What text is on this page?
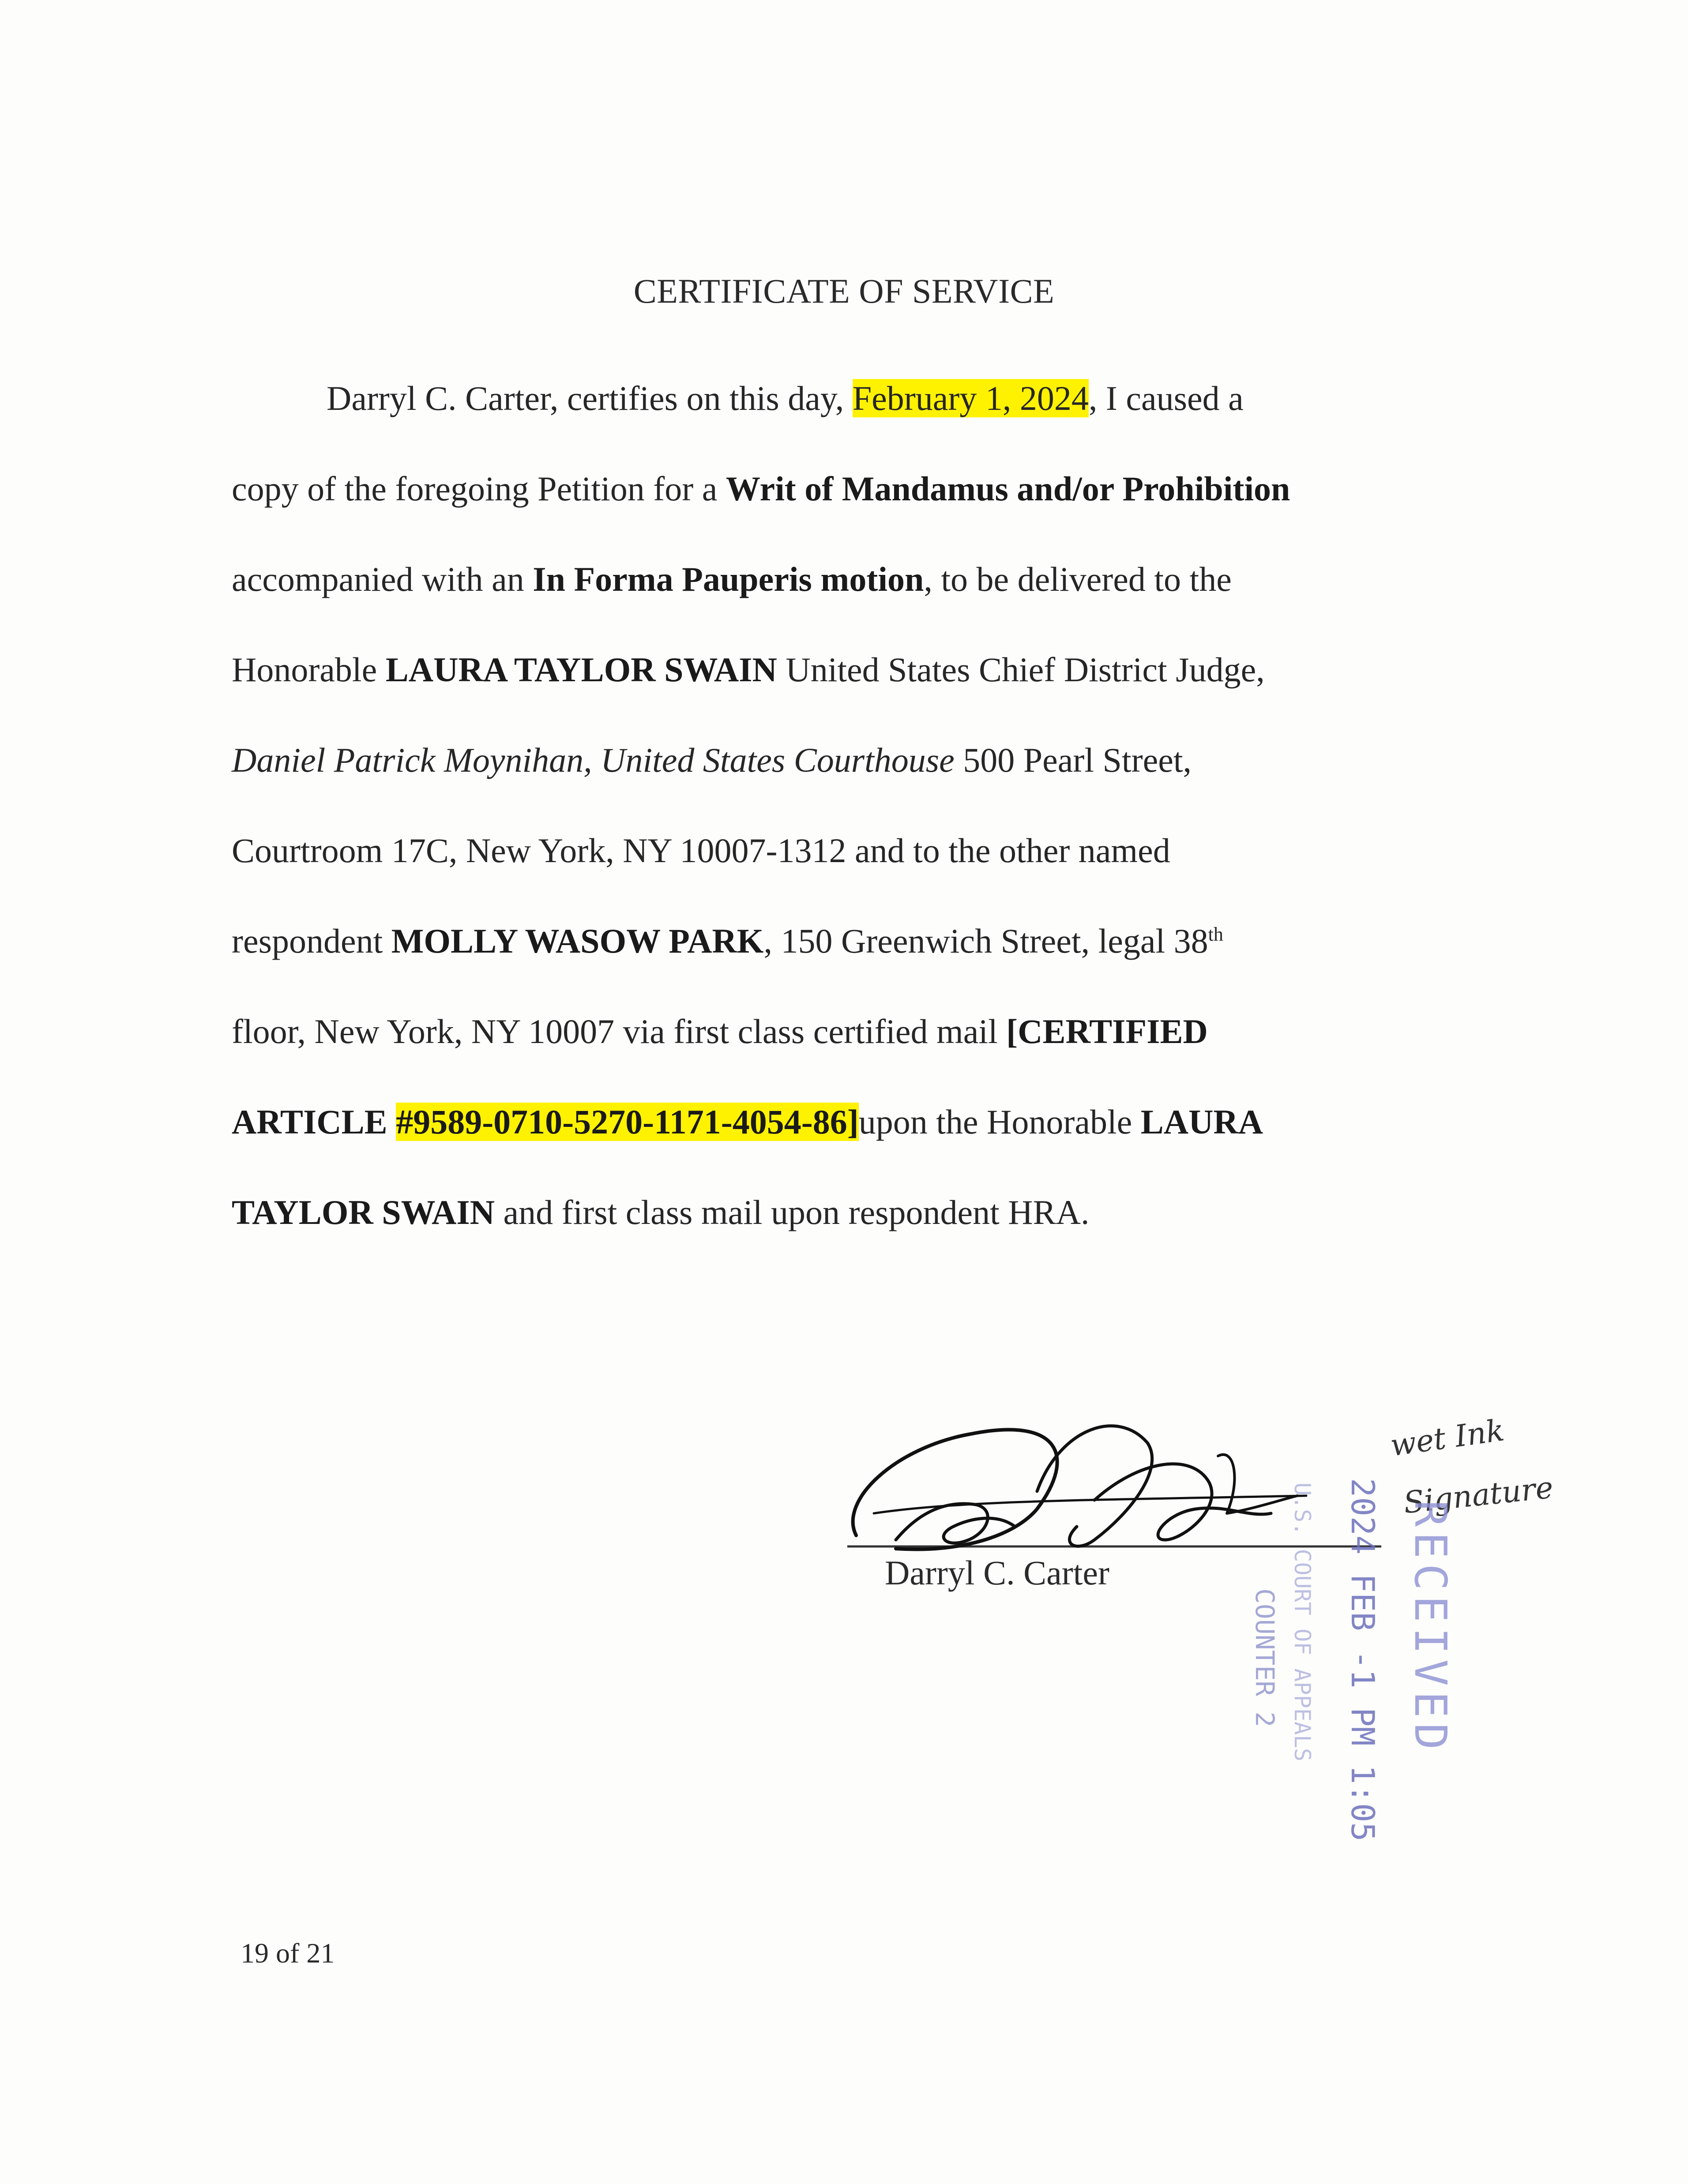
CERTIFICATE OF SERVICE
Darryl C. Carter, certifies on this day, February 1, 2024, I caused a
copy of the foregoing Petition for a Writ of Mandamus and/or Prohibition
accompanied with an In Forma Pauperis motion, to be delivered to the
Honorable LAURA TAYLOR SWAIN United States Chief District Judge,
Daniel Patrick Moynihan, United States Courthouse 500 Pearl Street,
Courtroom 17C, New York, NY 10007-1312 and to the other named
respondent MOLLY WASOW PARK, 150 Greenwich Street, legal 38th
floor, New York, NY 10007 via first class certified mail [CERTIFIED
ARTICLE #9589-0710-5270-1171-4054-86]upon the Honorable LAURA
TAYLOR SWAIN and first class mail upon respondent HRA.
Darryl C. Carter
wet Ink
Signature
U.S. COURT OF APPEALS
COUNTER 2 2024 FEB -1 PM 1:05 RECEIVED
19 of 21
